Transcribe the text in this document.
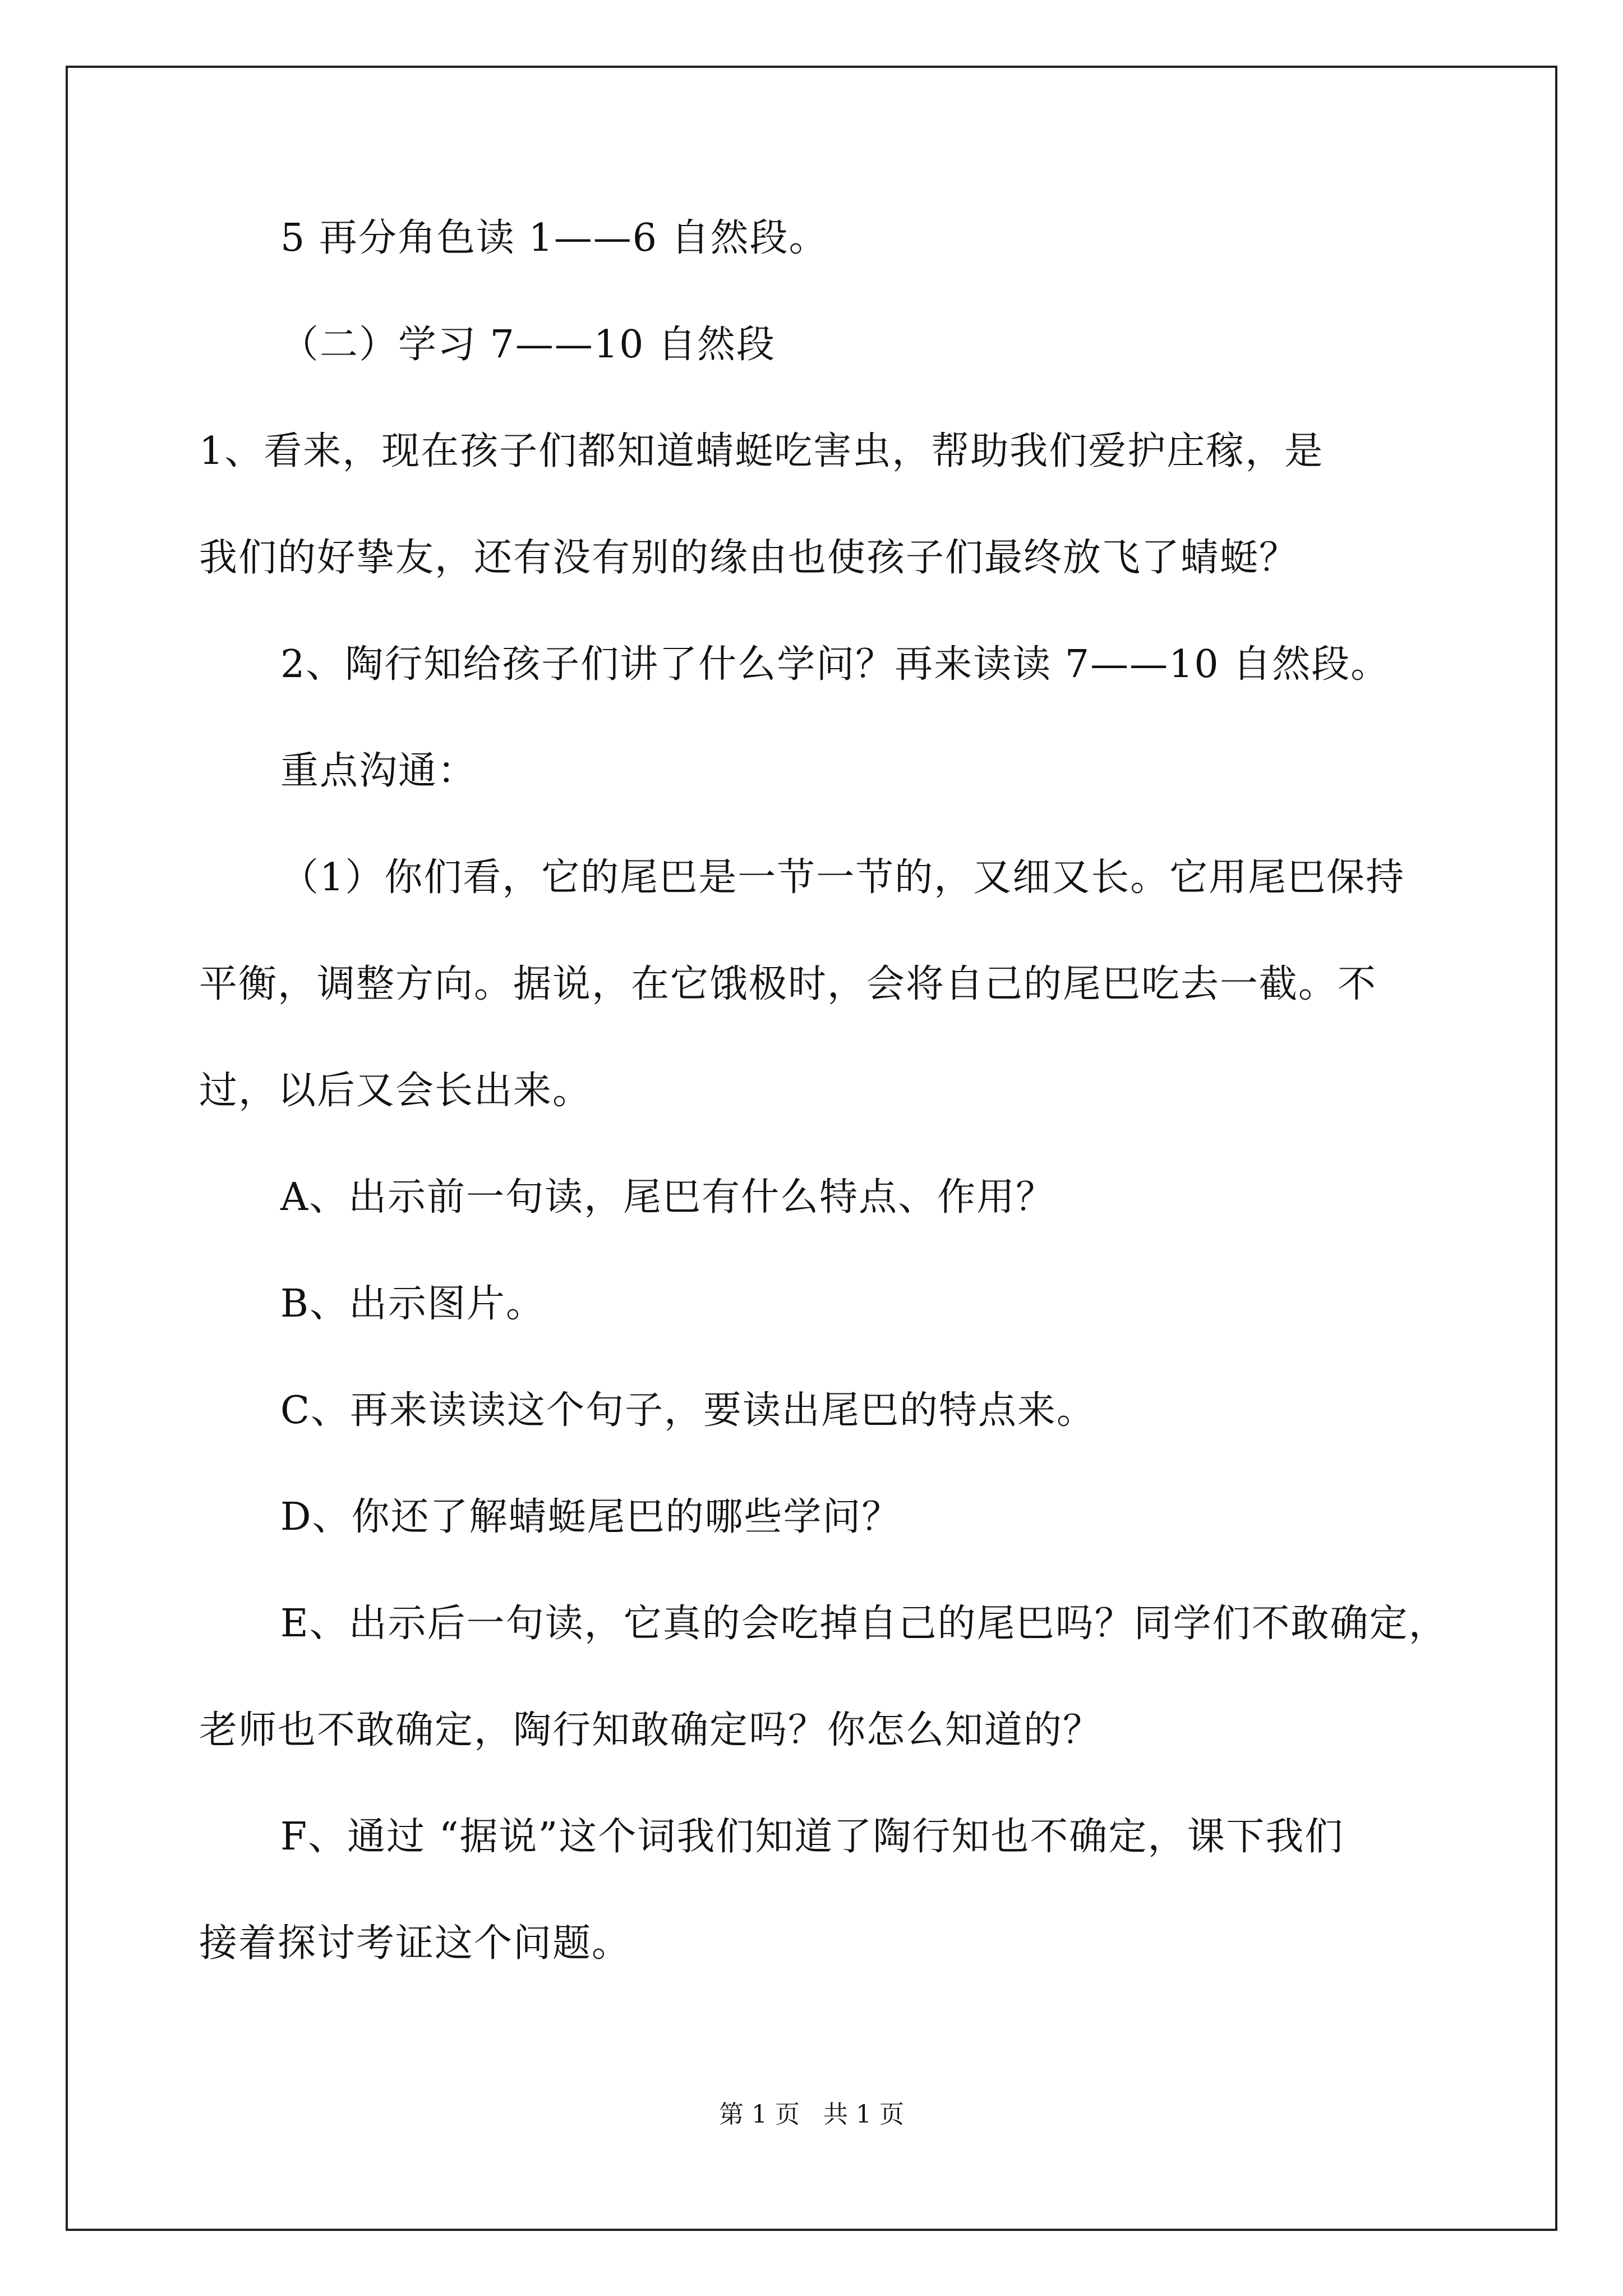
5 再分角色读 1——6 自然段。
（二）学习 7——10 自然段
1、看来，现在孩子们都知道蜻蜓吃害虫，帮助我们爱护庄稼，是
我们的好挚友，还有没有别的缘由也使孩子们最终放飞了蜻蜓？
2、陶行知给孩子们讲了什么学问？再来读读 7——10 自然段。
重点沟通：
（1）你们看，它的尾巴是一节一节的，又细又长。它用尾巴保持
平衡，调整方向。据说，在它饿极时，会将自己的尾巴吃去一截。不
过，以后又会长出来。
A、出示前一句读，尾巴有什么特点、作用？
B、出示图片。
C、再来读读这个句子，要读出尾巴的特点来。
D、你还了解蜻蜓尾巴的哪些学问？
E、出示后一句读，它真的会吃掉自己的尾巴吗？同学们不敢确定，
老师也不敢确定，陶行知敢确定吗？你怎么知道的？
F、通过 “据说”这个词我们知道了陶行知也不确定，课下我们
接着探讨考证这个问题。
第 1 页   共 1 页
